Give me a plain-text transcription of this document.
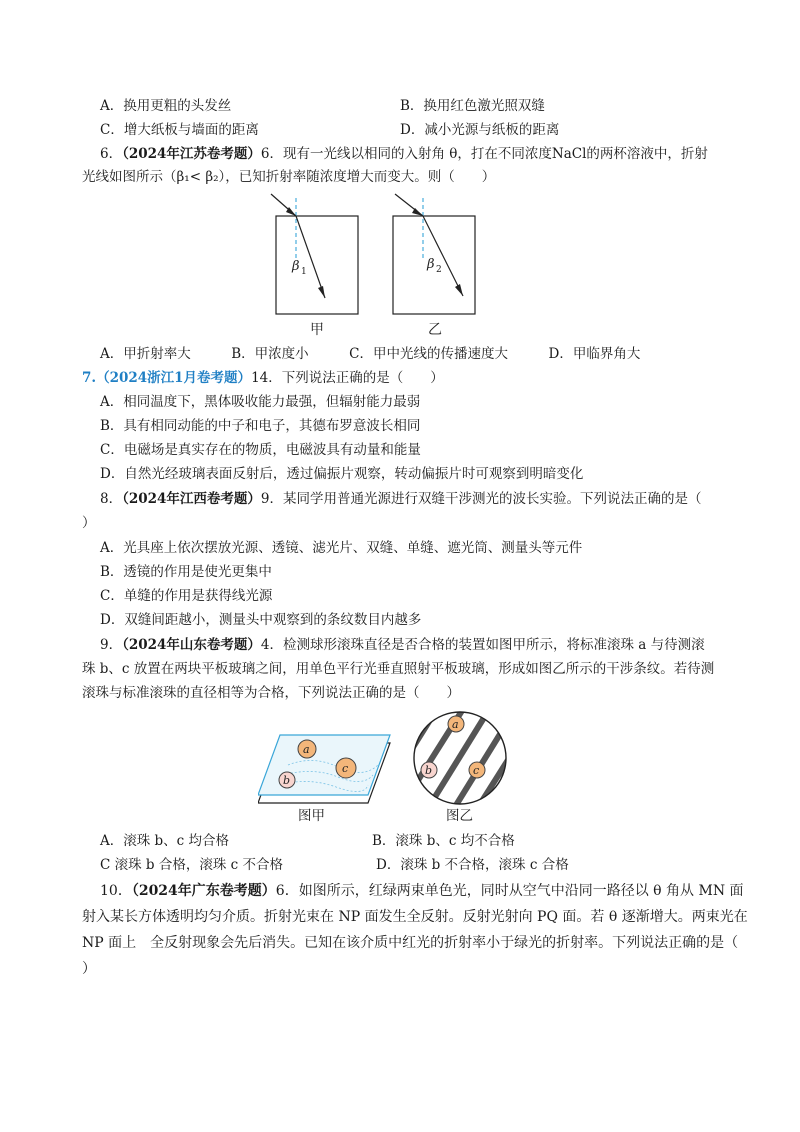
A．换用更粗的头发丝	B．换用红色激光照双缝
C．增大纸板与墙面的距离	D．减小光源与纸板的距离
6．（2024年江苏卷考题）6．现有一光线以相同的入射角 θ，打在不同浓度NaCl的两杯溶液中，折射
光线如图所示（β₁< β₂），已知折射率随浓度增大而变大。则（　　）
β 1	β 2
甲	乙
A．甲折射率大　　　B．甲浓度小　　　C．甲中光线的传播速度大　　　D．甲临界角大
7.（2024浙江1月卷考题）14．下列说法正确的是（　　）
A．相同温度下，黑体吸收能力最强，但辐射能力最弱
B．具有相同动能的中子和电子，其德布罗意波长相同
C．电磁场是真实存在的物质，电磁波具有动量和能量
D．自然光经玻璃表面反射后，透过偏振片观察，转动偏振片时可观察到明暗变化
8．（2024年江西卷考题）9．某同学用普通光源进行双缝干涉测光的波长实验。下列说法正确的是（
）
A．光具座上依次摆放光源、透镜、滤光片、双缝、单缝、遮光筒、测量头等元件
B．透镜的作用是使光更集中
C．单缝的作用是获得线光源
D．双缝间距越小，测量头中观察到的条纹数目内越多
9．（2024年山东卷考题）4．检测球形滚珠直径是否合格的装置如图甲所示，将标准滚珠 a 与待测滚
珠 b、c 放置在两块平板玻璃之间，用单色平行光垂直照射平板玻璃，形成如图乙所示的干涉条纹。若待测
滚珠与标准滚珠的直径相等为合格，下列说法正确的是（　　）
a
b
c
图甲
a
b	c
图乙
A．滚珠 b、c 均合格	B．滚珠 b、c 均不合格
C 滚珠 b 合格，滚珠 c 不合格	D．滚珠 b 不合格，滚珠 c 合格
10．（2024年广东卷考题）6．如图所示，红绿两束单色光，同时从空气中沿同一路径以 θ 角从 MN 面
射入某长方体透明均匀介质。折射光束在 NP 面发生全反射。反射光射向 PQ 面。若 θ 逐渐增大。两束光在
NP 面上　全反射现象会先后消失。已知在该介质中红光的折射率小于绿光的折射率。下列说法正确的是（
）
